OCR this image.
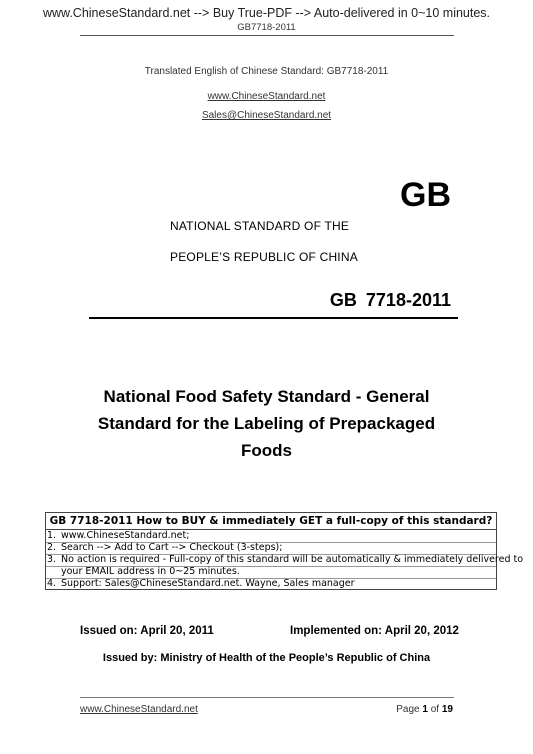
www.ChineseStandard.net --> Buy True-PDF --> Auto-delivered in 0~10 minutes.
GB7718-2011
Translated English of Chinese Standard: GB7718-2011
www.ChineseStandard.net
Sales@ChineseStandard.net
GB
NATIONAL STANDARD OF THE
PEOPLE’S REPUBLIC OF CHINA
GB 7718-2011
National Food Safety Standard - General
Standard for the Labeling of Prepackaged
Foods
GB 7718-2011 How to BUY & immediately GET a full-copy of this standard?
1. www.ChineseStandard.net;
2. Search --> Add to Cart --> Checkout (3-steps);
3. No action is required - Full-copy of this standard will be automatically & immediately delivered to
your EMAIL address in 0~25 minutes.
4. Support: Sales@ChineseStandard.net. Wayne, Sales manager
Issued on: April 20, 2011	Implemented on: April 20, 2012
Issued by: Ministry of Health of the People’s Republic of China
www.ChineseStandard.net	Page 1 of 19
